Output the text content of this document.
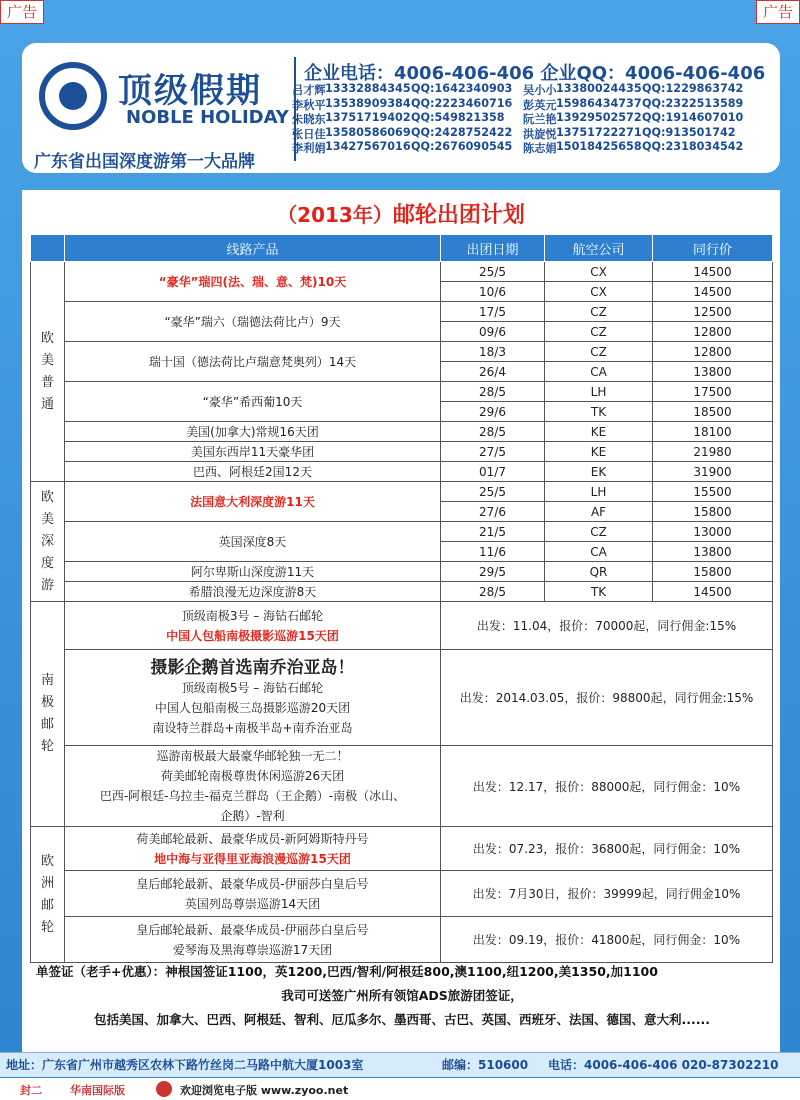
广告	广告
顶级假期
NOBLE HOLIDAY
广东省出国深度游第一大品牌
企业电话：4006-406-406 企业QQ：4006-406-406
吕才辉 13332884345 QQ:1642340903 吴小小 13380024435 QQ:1229863742
李秋平 13538909384 QQ:2223460716 彭英元 15986434737 QQ:2322513589
朱晓东 13751719402 QQ:549821358	阮兰艳 13929502572 QQ:1914607010
张日佳 13580586069 QQ:2428752422 洪旋悦 13751722271 QQ:913501742
李利娟 13427567016 QQ:2676090545 陈志娟 15018425658 QQ:2318034542
（2013年）邮轮出团计划
	线路产品	出团日期	航空公司	同行价

欧美普通	“豪华”瑞四(法、瑞、意、梵)10天	25/5	CX	14500
		10/6	CX	14500
	“豪华”瑞六（瑞德法荷比卢）9天	17/5	CZ	12500
		09/6	CZ	12800
	瑞十国（德法荷比卢瑞意梵奥列）14天	18/3	CZ	12800
		26/4	CA	13800
	“豪华”希西葡10天	28/5	LH	17500
		29/6	TK	18500
	美国(加拿大)常规16天团	28/5	KE	18100
	美国东西岸11天豪华团	27/5	KE	21980
	巴西、阿根廷2国12天	01/7	EK	31900

欧美深度游	法国意大利深度游11天	25/5	LH	15500
		27/6	AF	15800
	英国深度8天	21/5	CZ	13000
		11/6	CA	13800
	阿尔卑斯山深度游11天	29/5	QR	15800
	希腊浪漫无边深度游8天	28/5	TK	14500

南极邮轮	顶级南极3号 – 海钻石邮轮
中国人包船南极摄影巡游15天团	出发：11.04，报价：70000起，同行佣金:15%		

	摄影企鹅首选南乔治亚岛！
顶级南极5号 – 海钻石邮轮
中国人包船南极三岛摄影巡游20天团
南设特兰群岛+南极半岛+南乔治亚岛	出发：2014.03.05，报价：98800起，同行佣金:15%		

	巡游南极最大最豪华邮轮独一无二！
荷美邮轮南极尊贵休闲巡游26天团
巴西-阿根廷-乌拉圭-福克兰群岛（王企鹅）-南极（冰山、
企鹅）-智利	出发：12.17，报价：88000起，同行佣金：10%		

欧洲邮轮	荷美邮轮最新、最豪华成员-新阿姆斯特丹号
地中海与亚得里亚海浪漫巡游15天团	出发：07.23，报价：36800起，同行佣金：10%		

	皇后邮轮最新、最豪华成员-伊丽莎白皇后号
英国列岛尊崇巡游14天团	出发：7月30日，报价：39999起，同行佣金10%		

	皇后邮轮最新、最豪华成员-伊丽莎白皇后号
爱琴海及黑海尊崇巡游17天团	出发：09.19，报价：41800起，同行佣金：10%		
单签证（老手+优惠）：神根国签证1100，英1200,巴西/智利/阿根廷800,澳1100,纽1200,美1350,加1100
我司可送签广州所有领馆ADS旅游团签证，
包括美国、加拿大、巴西、阿根廷、智利、厄瓜多尔、墨西哥、古巴、英国、西班牙、法国、德国、意大利......
地址：广东省广州市越秀区农林下路竹丝岗二马路中航大厦1003室	邮编：510600 电话：4006-406-406 020-87302210
封二	华南国际版	欢迎浏览电子版 www.zyoo.net
